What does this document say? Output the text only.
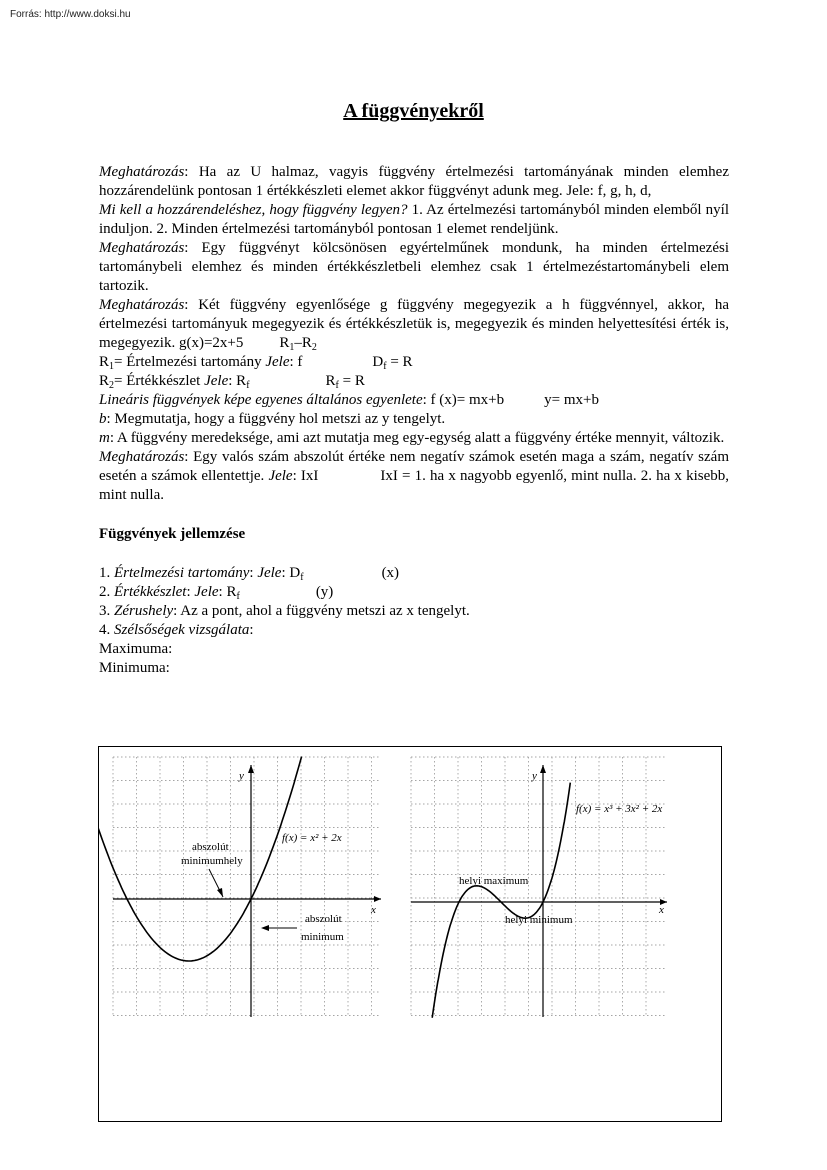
Forrás: http://www.doksi.hu
A függvényekről

Meghatározás: Ha az U halmaz, vagyis függvény értelmezési tartományának minden elemhez hozzárendelünk pontosan 1 értékkészleti elemet akkor függvényt adunk meg. Jele: f, g, h, d,

Mi kell a hozzárendeléshez, hogy függvény legyen? 1. Az értelmezési tartományból minden elemből nyíl induljon. 2. Minden értelmezési tartományból pontosan 1 elemet rendeljünk.

Meghatározás: Egy függvényt kölcsönösen egyértelműnek mondunk, ha minden értelmezési tartománybeli elemhez és minden értékkészletbeli elemhez csak 1 értelmezéstartománybeli elem tartozik.

Meghatározás: Két függvény egyenlősége g függvény megegyezik a h függvénnyel, akkor, ha értelmezési tartományuk megegyezik és értékkészletük is, megegyezik és minden helyettesítési érték is, megegyezik. g(x)=2x+5 $R_1-R_2$

$R_1=$ Értelmezési tartomány Jele: f	$D_f = R$

$R_2=$ Értékkészlet Jele: $R_f$	$R_f = R$

Lineáris függvények képe egyenes általános egyenlete: f (x)= mx+b	y= mx+b

b: Megmutatja, hogy a függvény hol metszi az y tengelyt.

m: A függvény meredeksége, ami azt mutatja meg egy-egység alatt a függvény értéke mennyit, változik.

Meghatározás: Egy valós szám abszolút értéke nem negatív számok esetén maga a szám, negatív szám esetén a számok ellentettje. Jele: IxI	IxI = 1. ha x nagyobb egyenlő, mint nulla. 2. ha x kisebb, mint nulla.

Függvények jellemzése

1. Értelmezési tartomány: Jele: $D_f$	(x)

2. Értékkészlet: Jele: $R_f$	(y)

3. Zérushely: Az a pont, ahol a függvény metszi az x tengelyt.

4. Szélsőségek vizsgálata:

Maximuma:

Minimuma:

y
x
f(x) = x² + 2x
abszolút
minimumhely
abszolút
minimum
y
x
f(x) = x³ + 3x² + 2x
helyi maximum
helyi minimum
